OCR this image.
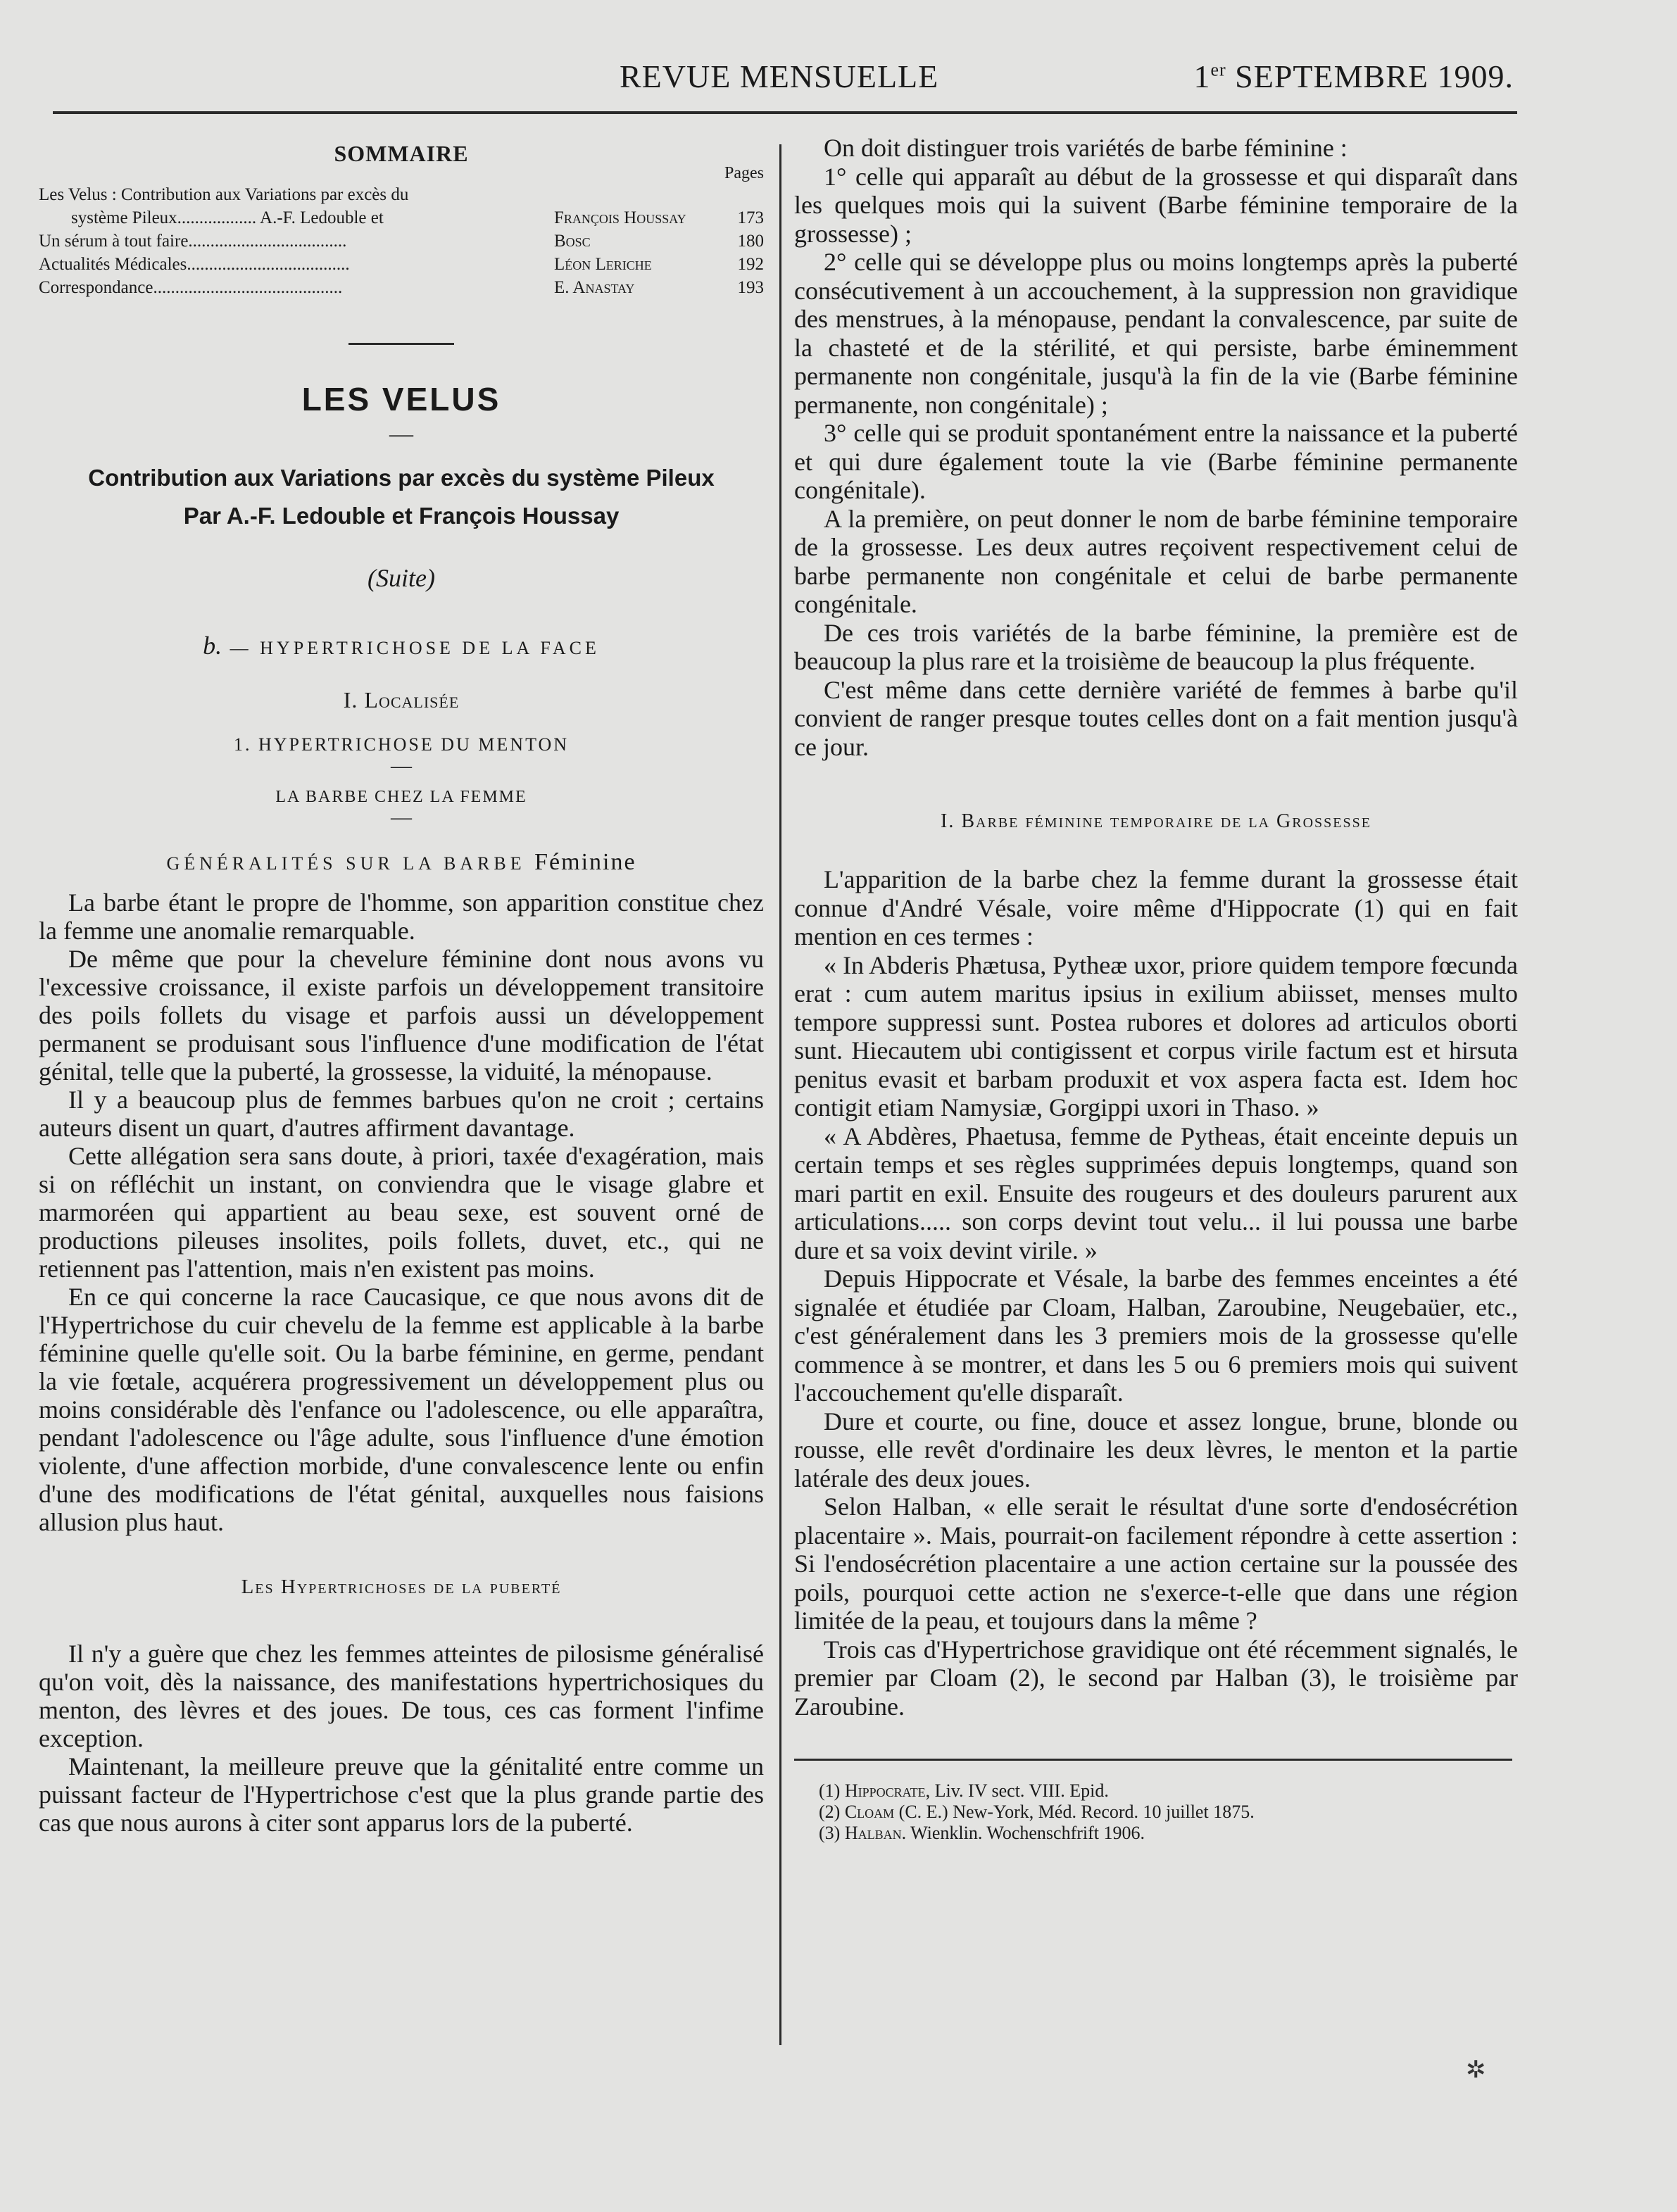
REVUE MENSUELLE	1er SEPTEMBRE 1909.
SOMMAIRE
Pages
Les Velus : Contribution aux Variations par excès du
système Pileux.................. A.-F. Ledouble et	François Houssay	173
Un sérum à tout faire....................................	Bosc	180
Actualités Médicales.....................................	Léon Leriche	192
Correspondance...........................................	E. Anastay	193
LES VELUS
—
Contribution aux Variations par excès du système Pileux
Par A.-F. Ledouble et François Houssay
(Suite)
b. — HYPERTRICHOSE DE LA FACE
I. Localisée
1. HYPERTRICHOSE DU MENTON
—
LA BARBE CHEZ LA FEMME
—
GÉNÉRALITÉS SUR LA BARBE Féminine

La barbe étant le propre de l'homme, son apparition constitue chez la femme une anomalie remarquable.

De même que pour la chevelure féminine dont nous avons vu l'excessive croissance, il existe parfois un développement transitoire des poils follets du visage et parfois aussi un développement permanent se produisant sous l'influence d'une modification de l'état génital, telle que la puberté, la grossesse, la viduité, la ménopause.

Il y a beaucoup plus de femmes barbues qu'on ne croit ; certains auteurs disent un quart, d'autres affirment davantage.

Cette allégation sera sans doute, à priori, taxée d'exagération, mais si on réfléchit un instant, on conviendra que le visage glabre et marmoréen qui appartient au beau sexe, est souvent orné de productions pileuses insolites, poils follets, duvet, etc., qui ne retiennent pas l'attention, mais n'en existent pas moins.

En ce qui concerne la race Caucasique, ce que nous avons dit de l'Hypertrichose du cuir chevelu de la femme est applicable à la barbe féminine quelle qu'elle soit. Ou la barbe féminine, en germe, pendant la vie fœtale, acquérera progressivement un développement plus ou moins considérable dès l'enfance ou l'adolescence, ou elle apparaîtra, pendant l'adolescence ou l'âge adulte, sous l'influence d'une émotion violente, d'une affection morbide, d'une convalescence lente ou enfin d'une des modifications de l'état génital, auxquelles nous faisions allusion plus haut.

Les Hypertrichoses de la puberté

Il n'y a guère que chez les femmes atteintes de pilosisme généralisé qu'on voit, dès la naissance, des manifestations hypertrichosiques du menton, des lèvres et des joues. De tous, ces cas forment l'infime exception.

Maintenant, la meilleure preuve que la génitalité entre comme un puissant facteur de l'Hypertrichose c'est que la plus grande partie des cas que nous aurons à citer sont apparus lors de la puberté.

On doit distinguer trois variétés de barbe féminine :

1° celle qui apparaît au début de la grossesse et qui disparaît dans les quelques mois qui la suivent (Barbe féminine temporaire de la grossesse) ;

2° celle qui se développe plus ou moins longtemps après la puberté consécutivement à un accouchement, à la suppression non gravidique des menstrues, à la ménopause, pendant la convalescence, par suite de la chasteté et de la stérilité, et qui persiste, barbe éminemment permanente non congénitale, jusqu'à la fin de la vie (Barbe féminine permanente, non congénitale) ;

3° celle qui se produit spontanément entre la naissance et la puberté et qui dure également toute la vie (Barbe féminine permanente congénitale).

A la première, on peut donner le nom de barbe féminine temporaire de la grossesse. Les deux autres reçoivent respectivement celui de barbe permanente non congénitale et celui de barbe permanente congénitale.

De ces trois variétés de la barbe féminine, la première est de beaucoup la plus rare et la troisième de beaucoup la plus fréquente.

C'est même dans cette dernière variété de femmes à barbe qu'il convient de ranger presque toutes celles dont on a fait mention jusqu'à ce jour.

I. Barbe féminine temporaire de la Grossesse

L'apparition de la barbe chez la femme durant la grossesse était connue d'André Vésale, voire même d'Hippocrate (1) qui en fait mention en ces termes :

« In Abderis Phætusa, Pytheæ uxor, priore quidem tempore fœcunda erat : cum autem maritus ipsius in exilium abiisset, menses multo tempore suppressi sunt. Postea rubores et dolores ad articulos oborti sunt. Hiecautem ubi contigissent et corpus virile factum est et hirsuta penitus evasit et barbam produxit et vox aspera facta est. Idem hoc contigit etiam Namysiæ, Gorgippi uxori in Thaso. »

« A Abdères, Phaetusa, femme de Pytheas, était enceinte depuis un certain temps et ses règles supprimées depuis longtemps, quand son mari partit en exil. Ensuite des rougeurs et des douleurs parurent aux articulations..... son corps devint tout velu... il lui poussa une barbe dure et sa voix devint virile. »

Depuis Hippocrate et Vésale, la barbe des femmes enceintes a été signalée et étudiée par Cloam, Halban, Zaroubine, Neugebaüer, etc., c'est généralement dans les 3 premiers mois de la grossesse qu'elle commence à se montrer, et dans les 5 ou 6 premiers mois qui suivent l'accouchement qu'elle disparaît.

Dure et courte, ou fine, douce et assez longue, brune, blonde ou rousse, elle revêt d'ordinaire les deux lèvres, le menton et la partie latérale des deux joues.

Selon Halban, « elle serait le résultat d'une sorte d'endosécrétion placentaire ». Mais, pourrait-on facilement répondre à cette assertion : Si l'endosécrétion placentaire a une action certaine sur la poussée des poils, pourquoi cette action ne s'exerce-t-elle que dans une région limitée de la peau, et toujours dans la même ?

Trois cas d'Hypertrichose gravidique ont été récemment signalés, le premier par Cloam (2), le second par Halban (3), le troisième par Zaroubine.

(1) Hippocrate, Liv. IV sect. VIII. Epid.

(2) Cloam (C. E.) New-York, Méd. Record. 10 juillet 1875.

(3) Halban. Wienklin. Wochenschfrift 1906.

✲
